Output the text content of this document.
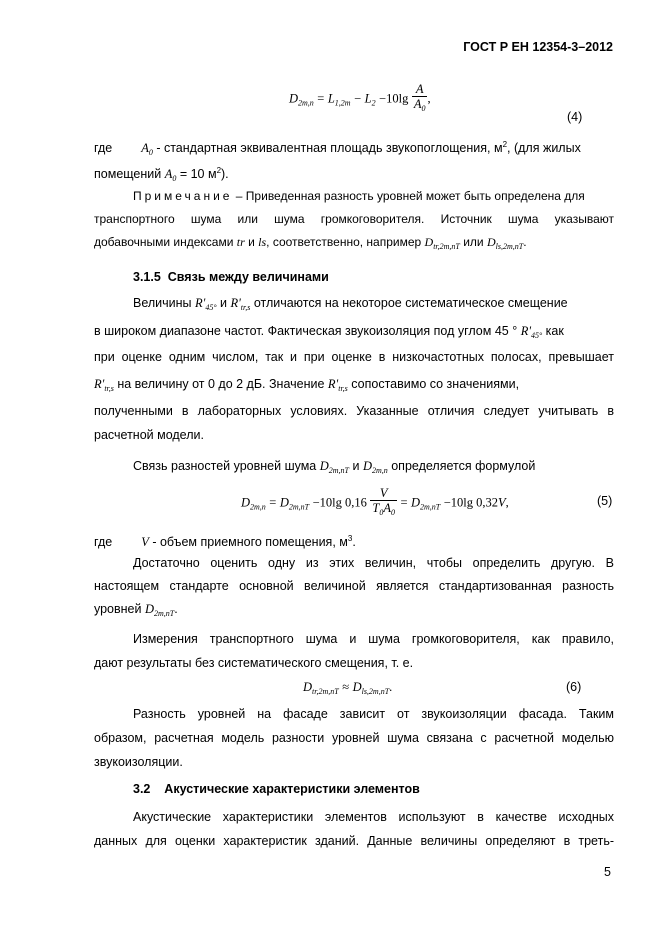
ГОСТ Р ЕН 12354-3–2012
$D_{2m,n} = L_{1,2m} - L_2 -10\lg \frac{A}{A_0}$ ,
(4)
где $A_0$ - стандартная эквивалентная площадь звукопоглощения, $м^2$, (для жилых
помещений $A_0 = 10$ $м^2$).
Примечание – Приведенная разность уровней может быть определена для
транспортного шума или шума громкоговорителя. Источник шума указывают
добавочными индексами tr и ls, соответственно, например $D_{tr,2m,nT}$ или $D_{ls,2m,nT}$.
3.1.5 Связь между величинами
Величины $R'_{45^\circ}$ и $R'_{tr,s}$ отличаются на некоторое систематическое смещение
в широком диапазоне частот. Фактическая звукоизоляция под углом 45 ° $R'_{45^\circ}$ как
при оценке одним числом, так и при оценке в низкочастотных полосах, превышает
$R'_{tr,s}$ на величину от 0 до 2 дБ. Значение $R'_{tr,s}$ сопоставимо со значениями,
полученными в лабораторных условиях. Указанные отличия следует учитывать в
расчетной модели.
Связь разностей уровней шума $D_{2m,nT}$ и $D_{2m,n}$ определяется формулой
$D_{2m,n} = D_{2m,nT} -10\lg$ $0,16 \frac{V}{T_0A_0} = D_{2m,nT} -10\lg$ 0,32V,	(5)
где V - объем приемного помещения, $м^3$.
Достаточно оценить одну из этих величин, чтобы определить другую. В
настоящем стандарте основной величиной является стандартизованная разность
уровней $D_{2m,nT}$.
Измерения транспортного шума и шума громкоговорителя, как правило,
дают результаты без систематического смещения, т. е.
$D_{tr,2m,nT} \approx D_{ls,2m,nT}$.	(6)
Разность уровней на фасаде зависит от звукоизоляции фасада. Таким
образом, расчетная модель разности уровней шума связана с расчетной моделью
звукоизоляции.
3.2 Акустические характеристики элементов
Акустические характеристики элементов используют в качестве исходных
данных для оценки характеристик зданий. Данные величины определяют в треть-
5
